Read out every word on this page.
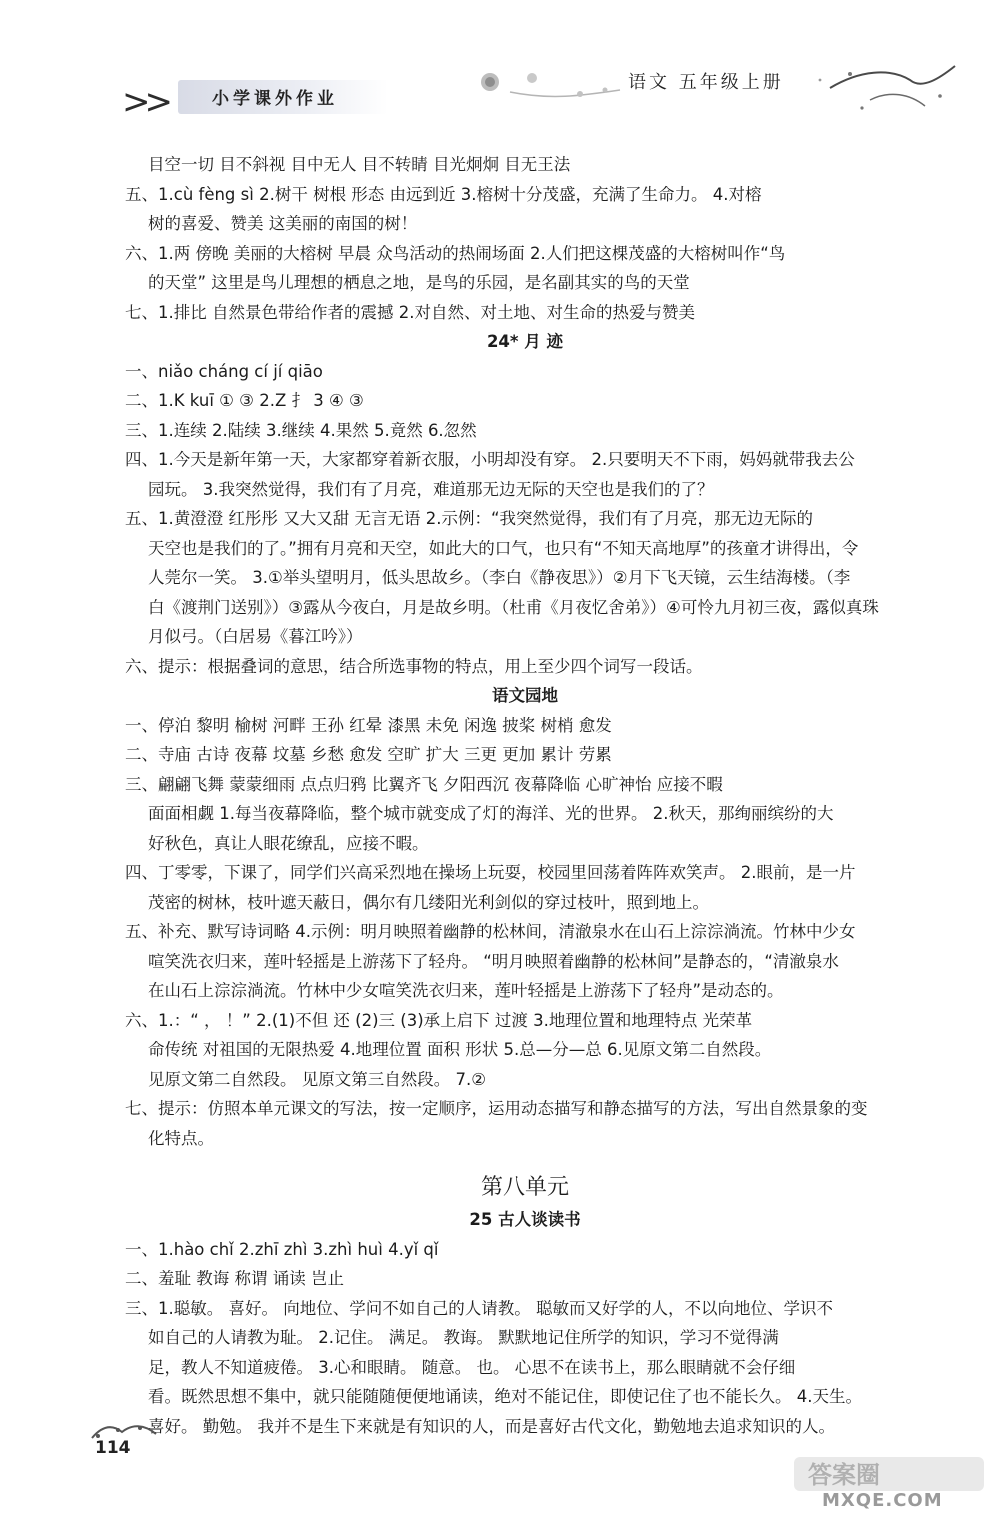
>>	小学课外作业
语文 五年级上册
目空一切 目不斜视 目中无人 目不转睛 目光炯炯 目无王法
五、1.cù fèng sì 2.树干 树根 形态 由远到近 3.榕树十分茂盛，充满了生命力。 4.对榕
树的喜爱、赞美 这美丽的南国的树！
六、1.两 傍晚 美丽的大榕树 早晨 众鸟活动的热闹场面 2.人们把这棵茂盛的大榕树叫作“鸟
的天堂” 这里是鸟儿理想的栖息之地，是鸟的乐园，是名副其实的鸟的天堂
七、1.排比 自然景色带给作者的震撼 2.对自然、对土地、对生命的热爱与赞美
24* 月 迹
一、niǎo cháng cí jí qiāo
二、1.K kuī ① ③ 2.Z 扌 3 ④ ③
三、1.连续 2.陆续 3.继续 4.果然 5.竟然 6.忽然
四、1.今天是新年第一天，大家都穿着新衣服，小明却没有穿。 2.只要明天不下雨，妈妈就带我去公
园玩。 3.我突然觉得，我们有了月亮，难道那无边无际的天空也是我们的了？
五、1.黄澄澄 红彤彤 又大又甜 无言无语 2.示例：“我突然觉得，我们有了月亮，那无边无际的
天空也是我们的了。”拥有月亮和天空，如此大的口气，也只有“不知天高地厚”的孩童才讲得出，令
人莞尔一笑。 3.①举头望明月，低头思故乡。（李白《静夜思》）②月下飞天镜，云生结海楼。（李
白《渡荆门送别》）③露从今夜白，月是故乡明。（杜甫《月夜忆舍弟》）④可怜九月初三夜，露似真珠
月似弓。（白居易《暮江吟》）
六、提示：根据叠词的意思，结合所选事物的特点，用上至少四个词写一段话。
语文园地
一、停泊 黎明 榆树 河畔 王孙 红晕 漆黑 未免 闲逸 披桨 树梢 愈发
二、寺庙 古诗 夜幕 坟墓 乡愁 愈发 空旷 扩大 三更 更加 累计 劳累
三、翩翩飞舞 蒙蒙细雨 点点归鸦 比翼齐飞 夕阳西沉 夜幕降临 心旷神怡 应接不暇
面面相觑 1.每当夜幕降临，整个城市就变成了灯的海洋、光的世界。 2.秋天，那绚丽缤纷的大
好秋色，真让人眼花缭乱，应接不暇。
四、丁零零，下课了，同学们兴高采烈地在操场上玩耍，校园里回荡着阵阵欢笑声。 2.眼前，是一片
茂密的树林，枝叶遮天蔽日，偶尔有几缕阳光利剑似的穿过枝叶，照到地上。
五、补充、默写诗词略 4.示例：明月映照着幽静的松林间，清澈泉水在山石上淙淙淌流。竹林中少女
喧笑洗衣归来，莲叶轻摇是上游荡下了轻舟。 “明月映照着幽静的松林间”是静态的，“清澈泉水
在山石上淙淙淌流。竹林中少女喧笑洗衣归来，莲叶轻摇是上游荡下了轻舟”是动态的。
六、1.：“ ， ！” 2.(1)不但 还 (2)三 (3)承上启下 过渡 3.地理位置和地理特点 光荣革
命传统 对祖国的无限热爱 4.地理位置 面积 形状 5.总—分—总 6.见原文第二自然段。
见原文第二自然段。 见原文第三自然段。 7.②
七、提示：仿照本单元课文的写法，按一定顺序，运用动态描写和静态描写的方法，写出自然景象的变
化特点。
第八单元
25 古人谈读书
一、1.hào chǐ 2.zhī zhì 3.zhì huì 4.yǐ qǐ
二、羞耻 教诲 称谓 诵读 岂止
三、1.聪敏。 喜好。 向地位、学问不如自己的人请教。 聪敏而又好学的人，不以向地位、学识不
如自己的人请教为耻。 2.记住。 满足。 教诲。 默默地记住所学的知识，学习不觉得满
足，教人不知道疲倦。 3.心和眼睛。 随意。 也。 心思不在读书上，那么眼睛就不会仔细
看。既然思想不集中，就只能随随便便地诵读，绝对不能记住，即使记住了也不能长久。 4.天生。
喜好。 勤勉。 我并不是生下来就是有知识的人，而是喜好古代文化，勤勉地去追求知识的人。
114
答案圈
MXQE.COM
